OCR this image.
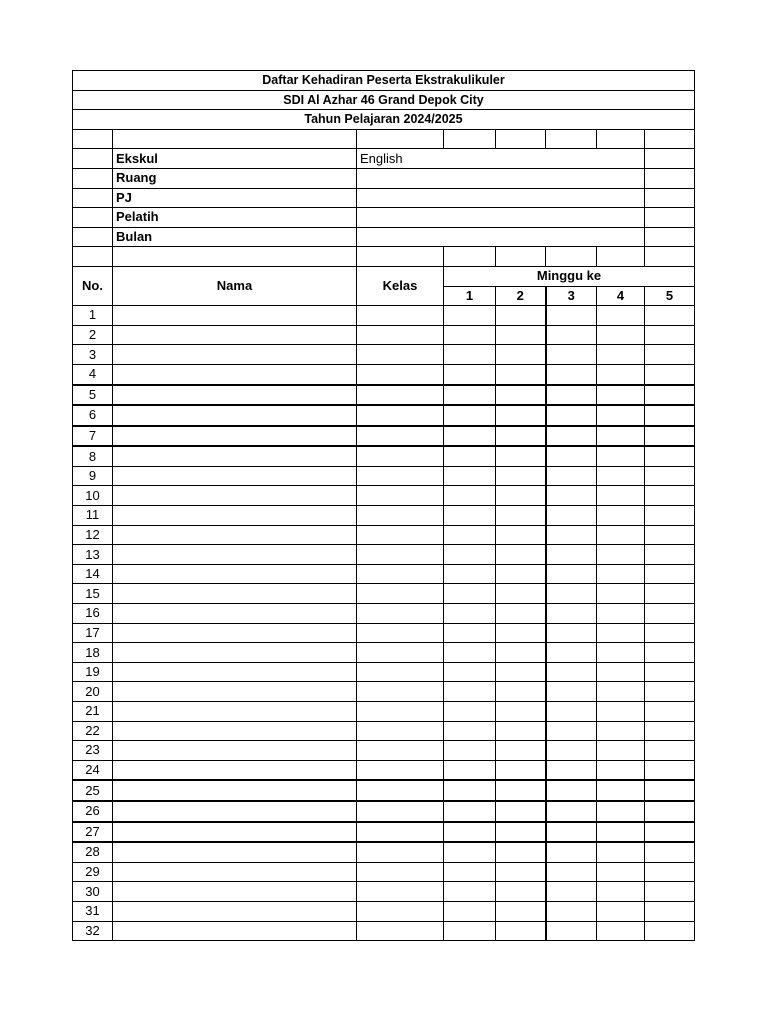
Daftar Kehadiran Peserta Ekstrakulikuler							
SDI Al Azhar 46 Grand Depok City							
Tahun Pelajaran 2024/2025							

	Ekskul	English					
	Ruang						
	PJ						
	Pelatih						
	Bulan						

No.	Nama	Kelas	Minggu ke				
			1	2	3	4	5
1							
2							
3							
4							
5							
6							
7							
8							
9							
10							
11							
12							
13							
14							
15							
16							
17							
18							
19							
20							
21							
22							
23							
24							
25							
26							
27							
28							
29							
30							
31							
32							
